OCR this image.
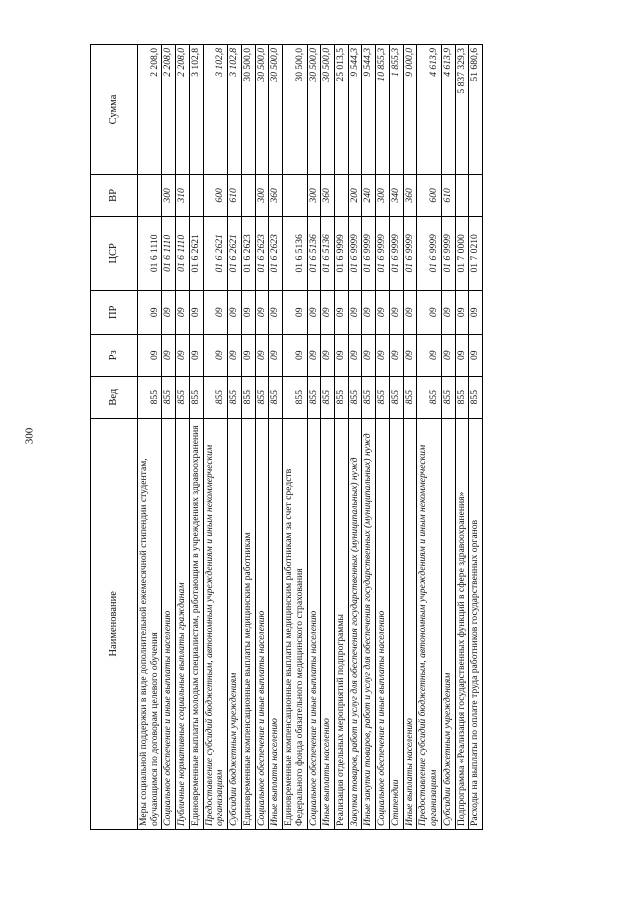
300
Наименование	Вед	Рз	ПР	ЦСР	ВР	Сумма
Меры социальной поддержки в виде дополнительной ежемесячной стипендии студентам, обучающимся по договорам целевого обучения	855	09	09	01 6 1110		2 208,0
Социальное обеспечение и иные выплаты населению	855	09	09	01 6 1110	300	2 208,0
Публичные нормативные социальные выплаты гражданам	855	09	09	01 6 1110	310	2 208,0
Единовременные выплаты молодым специалистам, работающим в учреждениях здравоохранения	855	09	09	01 6 2621		3 102,8
Предоставление субсидий бюджетным, автономным учреждениям и иным некоммерческим организациям	855	09	09	01 6 2621	600	3 102,8
Субсидии бюджетным учреждениям	855	09	09	01 6 2621	610	3 102,8
Единовременные компенсационные выплаты медицинским работникам	855	09	09	01 6 2623		30 500,0
Социальное обеспечение и иные выплаты населению	855	09	09	01 6 2623	300	30 500,0
Иные выплаты населению	855	09	09	01 6 2623	360	30 500,0
Единовременные компенсационные выплаты медицинским работникам за счет средств Федерального фонда обязательного медицинского страхования	855	09	09	01 6 5136		30 500,0
Социальное обеспечение и иные выплаты населению	855	09	09	01 6 5136	300	30 500,0
Иные выплаты населению	855	09	09	01 6 5136	360	30 500,0
Реализация отдельных мероприятий подпрограммы	855	09	09	01 6 9999		25 013,5
Закупка товаров, работ и услуг для обеспечения государственных (муниципальных) нужд	855	09	09	01 6 9999	200	9 544,3
Иные закупки товаров, работ и услуг для обеспечения государственных (муниципальных) нужд	855	09	09	01 6 9999	240	9 544,3
Социальное обеспечение и иные выплаты населению	855	09	09	01 6 9999	300	10 855,3
Стипендии	855	09	09	01 6 9999	340	1 855,3
Иные выплаты населению	855	09	09	01 6 9999	360	9 000,0
Предоставление субсидий бюджетным, автономным учреждениям и иным некоммерческим организациям	855	09	09	01 6 9999	600	4 613,9
Субсидии бюджетным учреждениям	855	09	09	01 6 9999	610	4 613,9
Подпрограмма «Реализация государственных функций в сфере здравоохранения»	855	09	09	01 7 0000		5 837 329,3
Расходы на выплаты по оплате труда работников государственных органов	855	09	09	01 7 0210		51 680,6
